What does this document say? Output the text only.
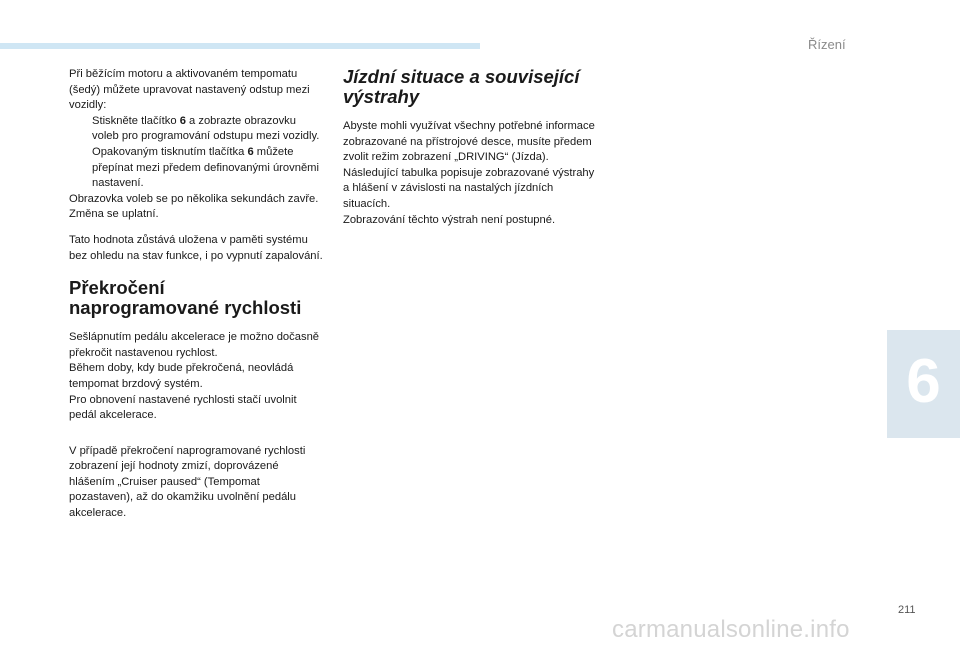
Řízení
6

Při běžícím motoru a aktivovaném tempomatu (šedý) můžete upravovat nastavený odstup mezi vozidly:

Stiskněte tlačítko 6 a zobrazte obrazovku voleb pro programování odstupu mezi vozidly.
Opakovaným tisknutím tlačítka 6 můžete přepínat mezi předem definovanými úrovněmi nastavení.

Obrazovka voleb se po několika sekundách zavře.

Změna se uplatní.

Tato hodnota zůstává uložena v paměti systému bez ohledu na stav funkce, i po vypnutí zapalování.

Překročení
naprogramované rychlosti

Sešlápnutím pedálu akcelerace je možno dočasně překročit nastavenou rychlost.

Během doby, kdy bude překročená, neovládá tempomat brzdový systém.

Pro obnovení nastavené rychlosti stačí uvolnit pedál akcelerace.

V případě překročení naprogramované rychlosti zobrazení její hodnoty zmizí, doprovázené hlášením „Cruiser paused“ (Tempomat pozastaven), až do okamžiku uvolnění pedálu akcelerace.

Jízdní situace a související
výstrahy

Abyste mohli využívat všechny potřebné informace zobrazované na přístrojové desce, musíte předem zvolit režim zobrazení „DRIVING“ (Jízda).

Následující tabulka popisuje zobrazované výstrahy a hlášení v závislosti na nastalých jízdních situacích.

Zobrazování těchto výstrah není postupné.

211
carmanualsonline.info
